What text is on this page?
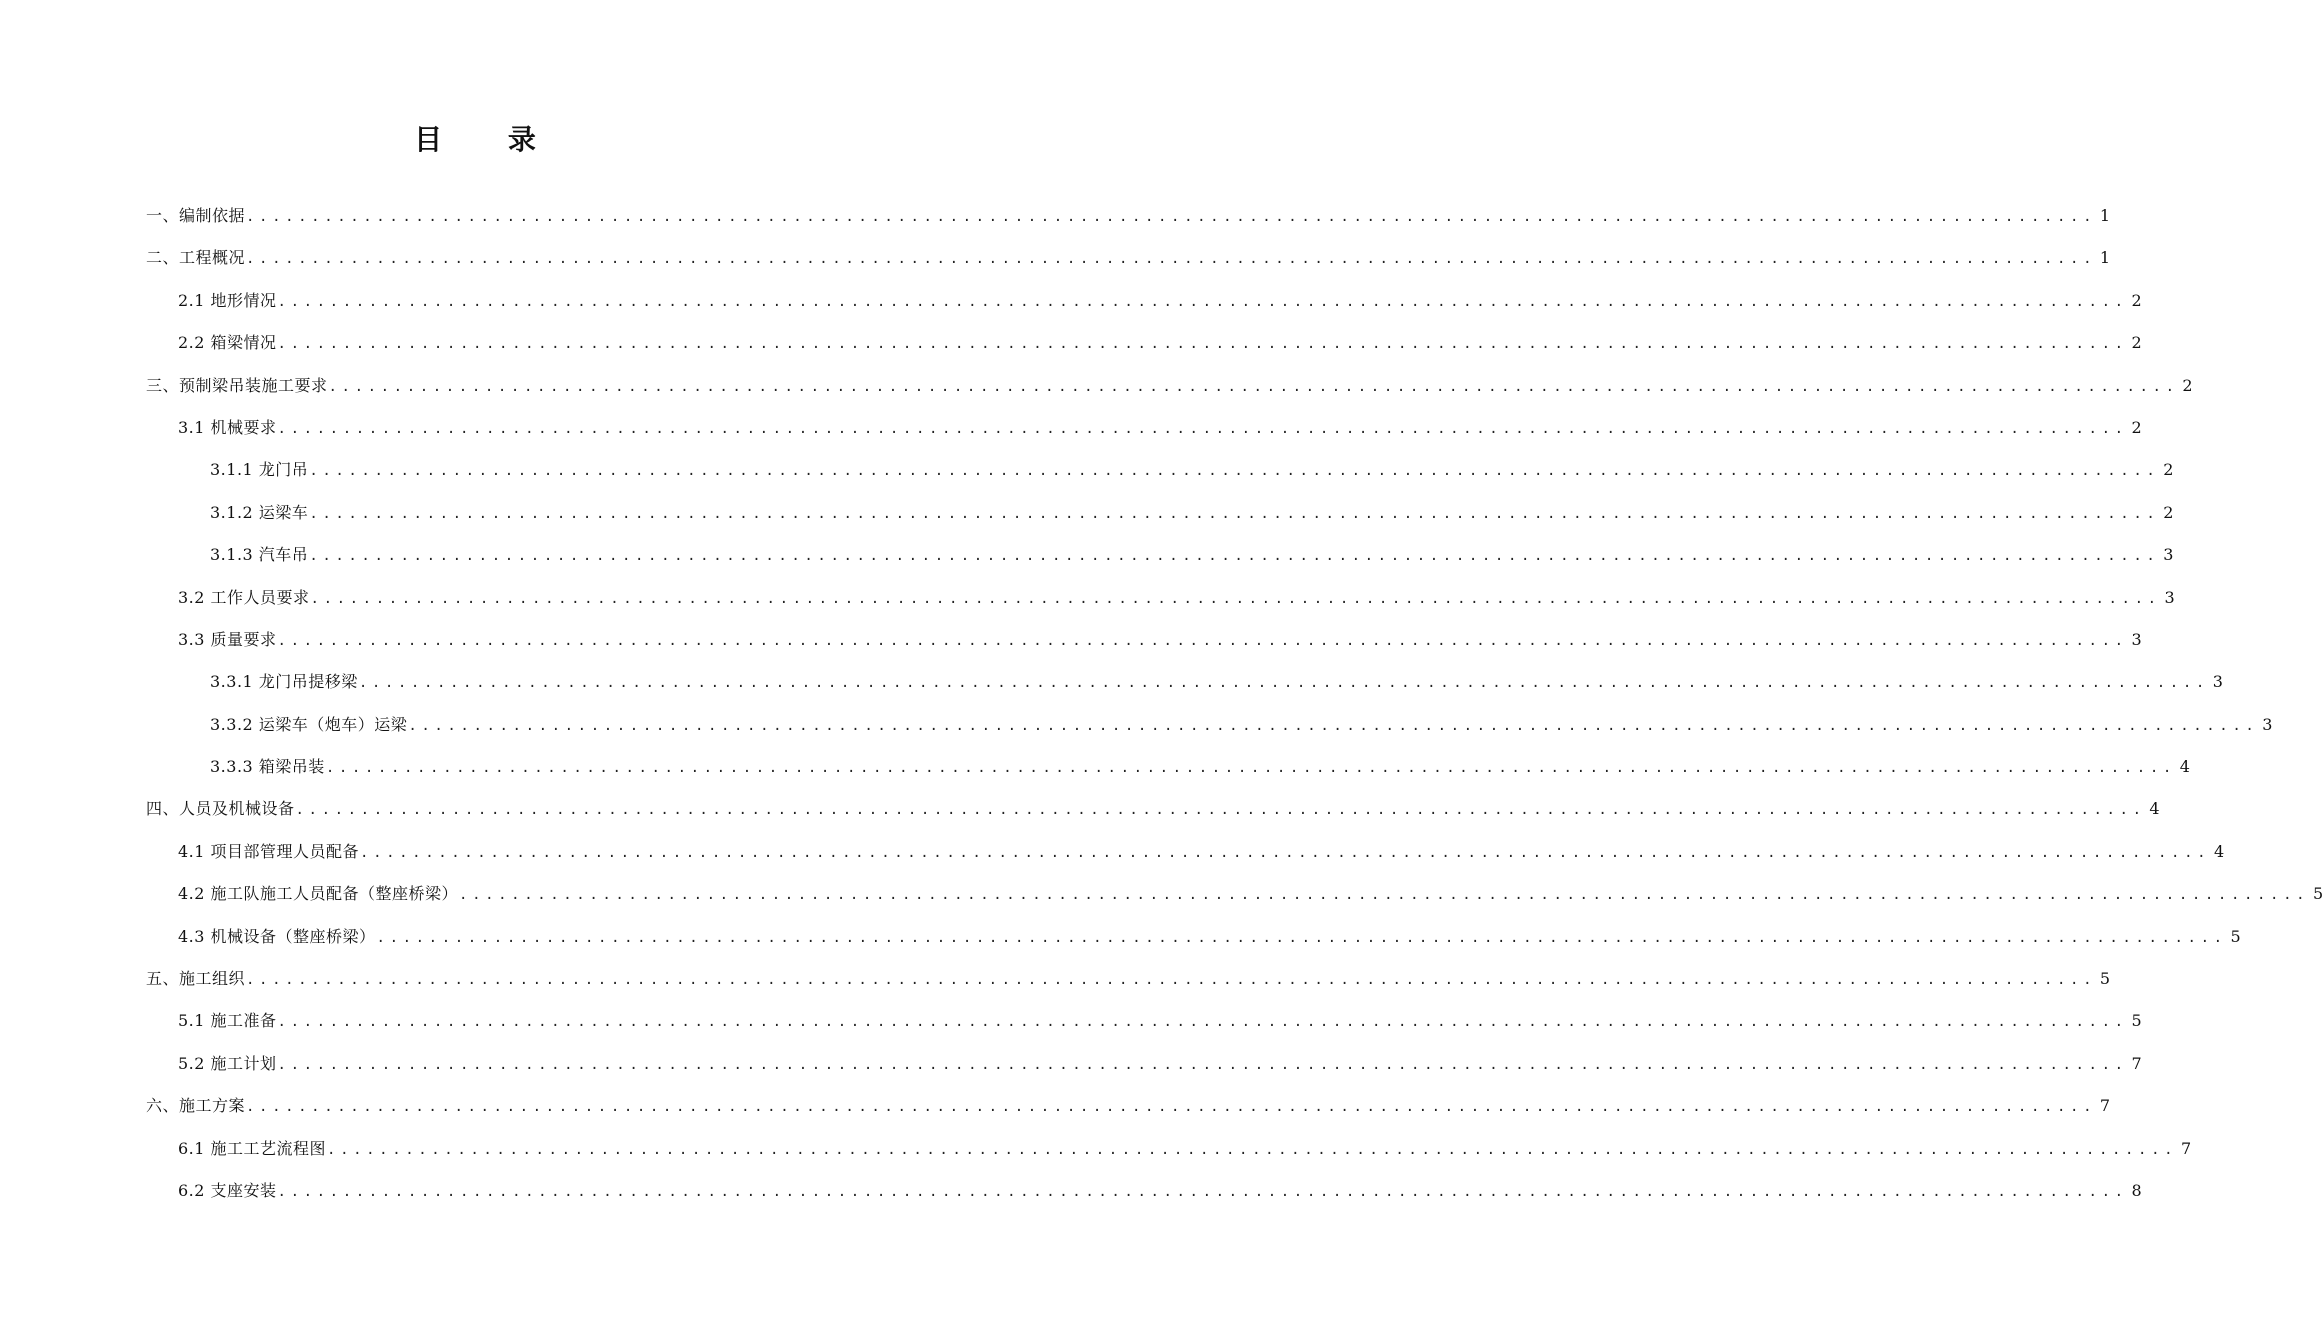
目 录
一、编制依据 .............................................................................................................................................. 1
二、工程概况 .............................................................................................................................................. 1
2.1 地形情况 .............................................................................................................................................. 2
2.2 箱梁情况 .............................................................................................................................................. 2
三、预制梁吊装施工要求 .............................................................................................................................................. 2
3.1 机械要求 .............................................................................................................................................. 2
3.1.1 龙门吊 .............................................................................................................................................. 2
3.1.2 运梁车 .............................................................................................................................................. 2
3.1.3 汽车吊 .............................................................................................................................................. 3
3.2 工作人员要求 .............................................................................................................................................. 3
3.3 质量要求 .............................................................................................................................................. 3
3.3.1 龙门吊提移梁 .............................................................................................................................................. 3
3.3.2 运梁车（炮车）运梁 .............................................................................................................................................. 3
3.3.3 箱梁吊装 .............................................................................................................................................. 4
四、人员及机械设备 .............................................................................................................................................. 4
4.1 项目部管理人员配备 .............................................................................................................................................. 4
4.2 施工队施工人员配备（整座桥梁） .............................................................................................................................................. 5
4.3 机械设备（整座桥梁） .............................................................................................................................................. 5
五、施工组织 .............................................................................................................................................. 5
5.1 施工准备 .............................................................................................................................................. 5
5.2 施工计划 .............................................................................................................................................. 7
六、施工方案 .............................................................................................................................................. 7
6.1 施工工艺流程图 .............................................................................................................................................. 7
6.2 支座安装 .............................................................................................................................................. 8
